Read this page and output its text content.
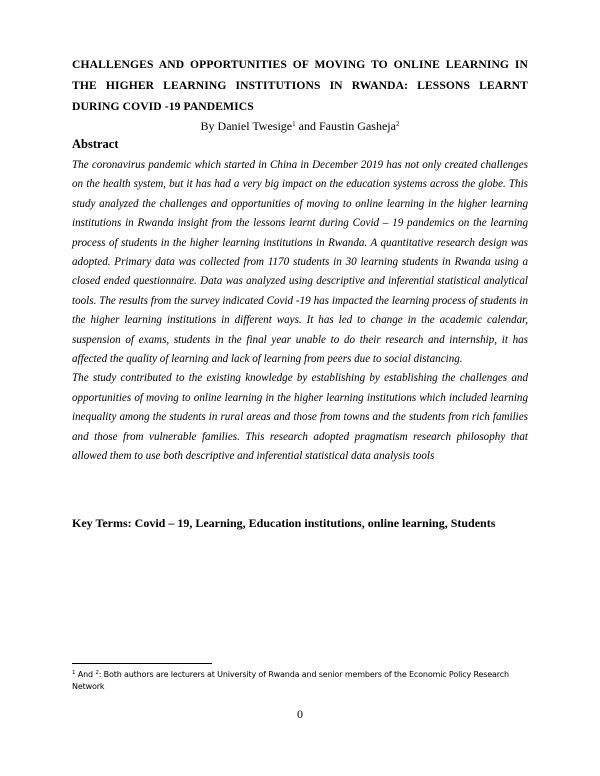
CHALLENGES AND OPPORTUNITIES OF MOVING TO ONLINE LEARNING IN THE HIGHER LEARNING INSTITUTIONS IN RWANDA: LESSONS LEARNT DURING COVID -19 PANDEMICS
By Daniel Twesige$^1$ and Faustin Gasheja$^2$
Abstract

The coronavirus pandemic which started in China in December 2019 has not only created challenges on the health system, but it has had a very big impact on the education systems across the globe. This study analyzed the challenges and opportunities of moving to online learning in the higher learning institutions in Rwanda insight from the lessons learnt during Covid – 19 pandemics on the learning process of students in the higher learning institutions in Rwanda. A quantitative research design was adopted. Primary data was collected from 1170 students in 30 learning students in Rwanda using a closed ended questionnaire. Data was analyzed using descriptive and inferential statistical analytical tools. The results from the survey indicated Covid -19 has impacted the learning process of students in the higher learning institutions in different ways. It has led to change in the academic calendar, suspension of exams, students in the final year unable to do their research and internship, it has affected the quality of learning and lack of learning from peers due to social distancing.

The study contributed to the existing knowledge by establishing by establishing the challenges and opportunities of moving to online learning in the higher learning institutions which included learning inequality among the students in rural areas and those from towns and the students from rich families and those from vulnerable families. This research adopted pragmatism research philosophy that allowed them to use both descriptive and inferential statistical data analysis tools

Key Terms: Covid – 19, Learning, Education institutions, online learning, Students
$^1$ And $^2$: Both authors are lecturers at University of Rwanda and senior members of the Economic Policy Research Network
0
